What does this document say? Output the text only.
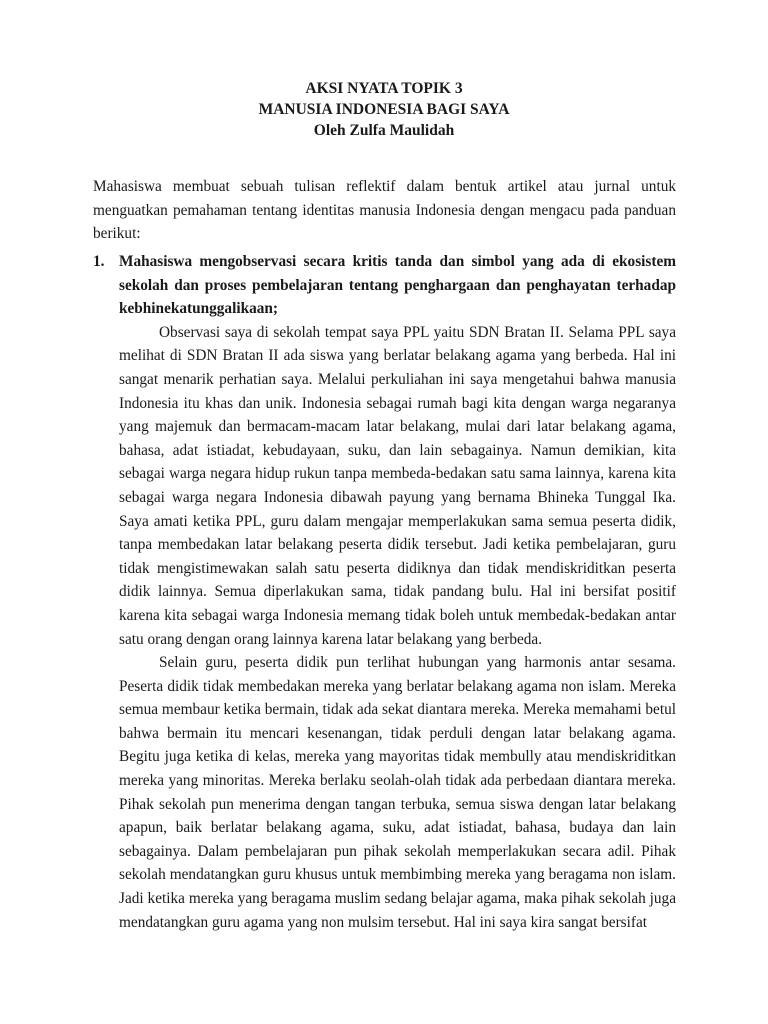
AKSI NYATA TOPIK 3
MANUSIA INDONESIA BAGI SAYA
Oleh Zulfa Maulidah
Mahasiswa membuat sebuah tulisan reflektif dalam bentuk artikel atau jurnal untuk menguatkan pemahaman tentang identitas manusia Indonesia dengan mengacu pada panduan berikut:
1. Mahasiswa mengobservasi secara kritis tanda dan simbol yang ada di ekosistem sekolah dan proses pembelajaran tentang penghargaan dan penghayatan terhadap kebhinekatunggalikaan;

Observasi saya di sekolah tempat saya PPL yaitu SDN Bratan II. Selama PPL saya melihat di SDN Bratan II ada siswa yang berlatar belakang agama yang berbeda. Hal ini sangat menarik perhatian saya. Melalui perkuliahan ini saya mengetahui bahwa manusia Indonesia itu khas dan unik. Indonesia sebagai rumah bagi kita dengan warga negaranya yang majemuk dan bermacam-macam latar belakang, mulai dari latar belakang agama, bahasa, adat istiadat, kebudayaan, suku, dan lain sebagainya. Namun demikian, kita sebagai warga negara hidup rukun tanpa membeda-bedakan satu sama lainnya, karena kita sebagai warga negara Indonesia dibawah payung yang bernama Bhineka Tunggal Ika. Saya amati ketika PPL, guru dalam mengajar memperlakukan sama semua peserta didik, tanpa membedakan latar belakang peserta didik tersebut. Jadi ketika pembelajaran, guru tidak mengistimewakan salah satu peserta didiknya dan tidak mendiskriditkan peserta didik lainnya. Semua diperlakukan sama, tidak pandang bulu. Hal ini bersifat positif karena kita sebagai warga Indonesia memang tidak boleh untuk membedak-bedakan antar satu orang dengan orang lainnya karena latar belakang yang berbeda.

Selain guru, peserta didik pun terlihat hubungan yang harmonis antar sesama. Peserta didik tidak membedakan mereka yang berlatar belakang agama non islam. Mereka semua membaur ketika bermain, tidak ada sekat diantara mereka. Mereka memahami betul bahwa bermain itu mencari kesenangan, tidak perduli dengan latar belakang agama. Begitu juga ketika di kelas, mereka yang mayoritas tidak membully atau mendiskriditkan mereka yang minoritas. Mereka berlaku seolah-olah tidak ada perbedaan diantara mereka. Pihak sekolah pun menerima dengan tangan terbuka, semua siswa dengan latar belakang apapun, baik berlatar belakang agama, suku, adat istiadat, bahasa, budaya dan lain sebagainya. Dalam pembelajaran pun pihak sekolah memperlakukan secara adil. Pihak sekolah mendatangkan guru khusus untuk membimbing mereka yang beragama non islam. Jadi ketika mereka yang beragama muslim sedang belajar agama, maka pihak sekolah juga mendatangkan guru agama yang non mulsim tersebut. Hal ini saya kira sangat bersifat
